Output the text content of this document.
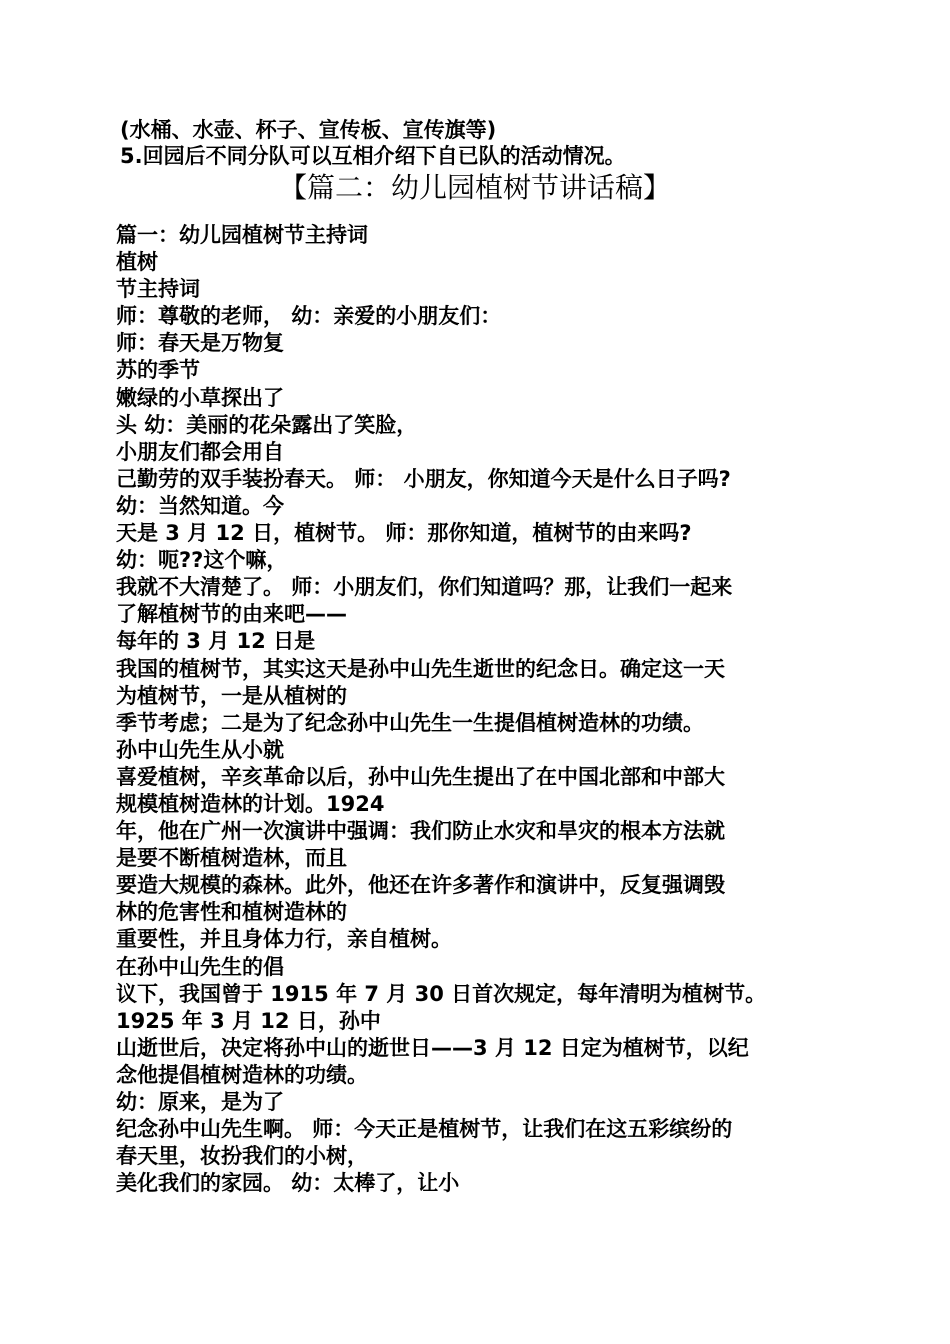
(水桶、水壶、杯子、宣传板、宣传旗等)
5.回园后不同分队可以互相介绍下自已队的活动情况。
【篇二：幼儿园植树节讲话稿】
篇一：幼儿园植树节主持词
植树
节主持词
师：尊敬的老师， 幼：亲爱的小朋友们：
师：春天是万物复
苏的季节
嫩绿的小草探出了
头 幼：美丽的花朵露出了笑脸，
小朋友们都会用自
己勤劳的双手装扮春天。 师： 小朋友，你知道今天是什么日子吗?
幼：当然知道。今
天是 3 月 12 日，植树节。 师：那你知道，植树节的由来吗?
幼：呃??这个嘛，
我就不大清楚了。 师：小朋友们，你们知道吗？那，让我们一起来
了解植树节的由来吧——
每年的 3 月 12 日是
我国的植树节，其实这天是孙中山先生逝世的纪念日。确定这一天
为植树节，一是从植树的
季节考虑；二是为了纪念孙中山先生一生提倡植树造林的功绩。
孙中山先生从小就
喜爱植树，辛亥革命以后，孙中山先生提出了在中国北部和中部大
规模植树造林的计划。1924
年，他在广州一次演讲中强调：我们防止水灾和旱灾的根本方法就
是要不断植树造林，而且
要造大规模的森林。此外，他还在许多著作和演讲中，反复强调毁
林的危害性和植树造林的
重要性，并且身体力行，亲自植树。
在孙中山先生的倡
议下，我国曾于 1915 年 7 月 30 日首次规定，每年清明为植树节。
1925 年 3 月 12 日，孙中
山逝世后，决定将孙中山的逝世日——3 月 12 日定为植树节，以纪
念他提倡植树造林的功绩。
幼：原来，是为了
纪念孙中山先生啊。 师：今天正是植树节，让我们在这五彩缤纷的
春天里，妆扮我们的小树，
美化我们的家园。 幼：太棒了，让小
